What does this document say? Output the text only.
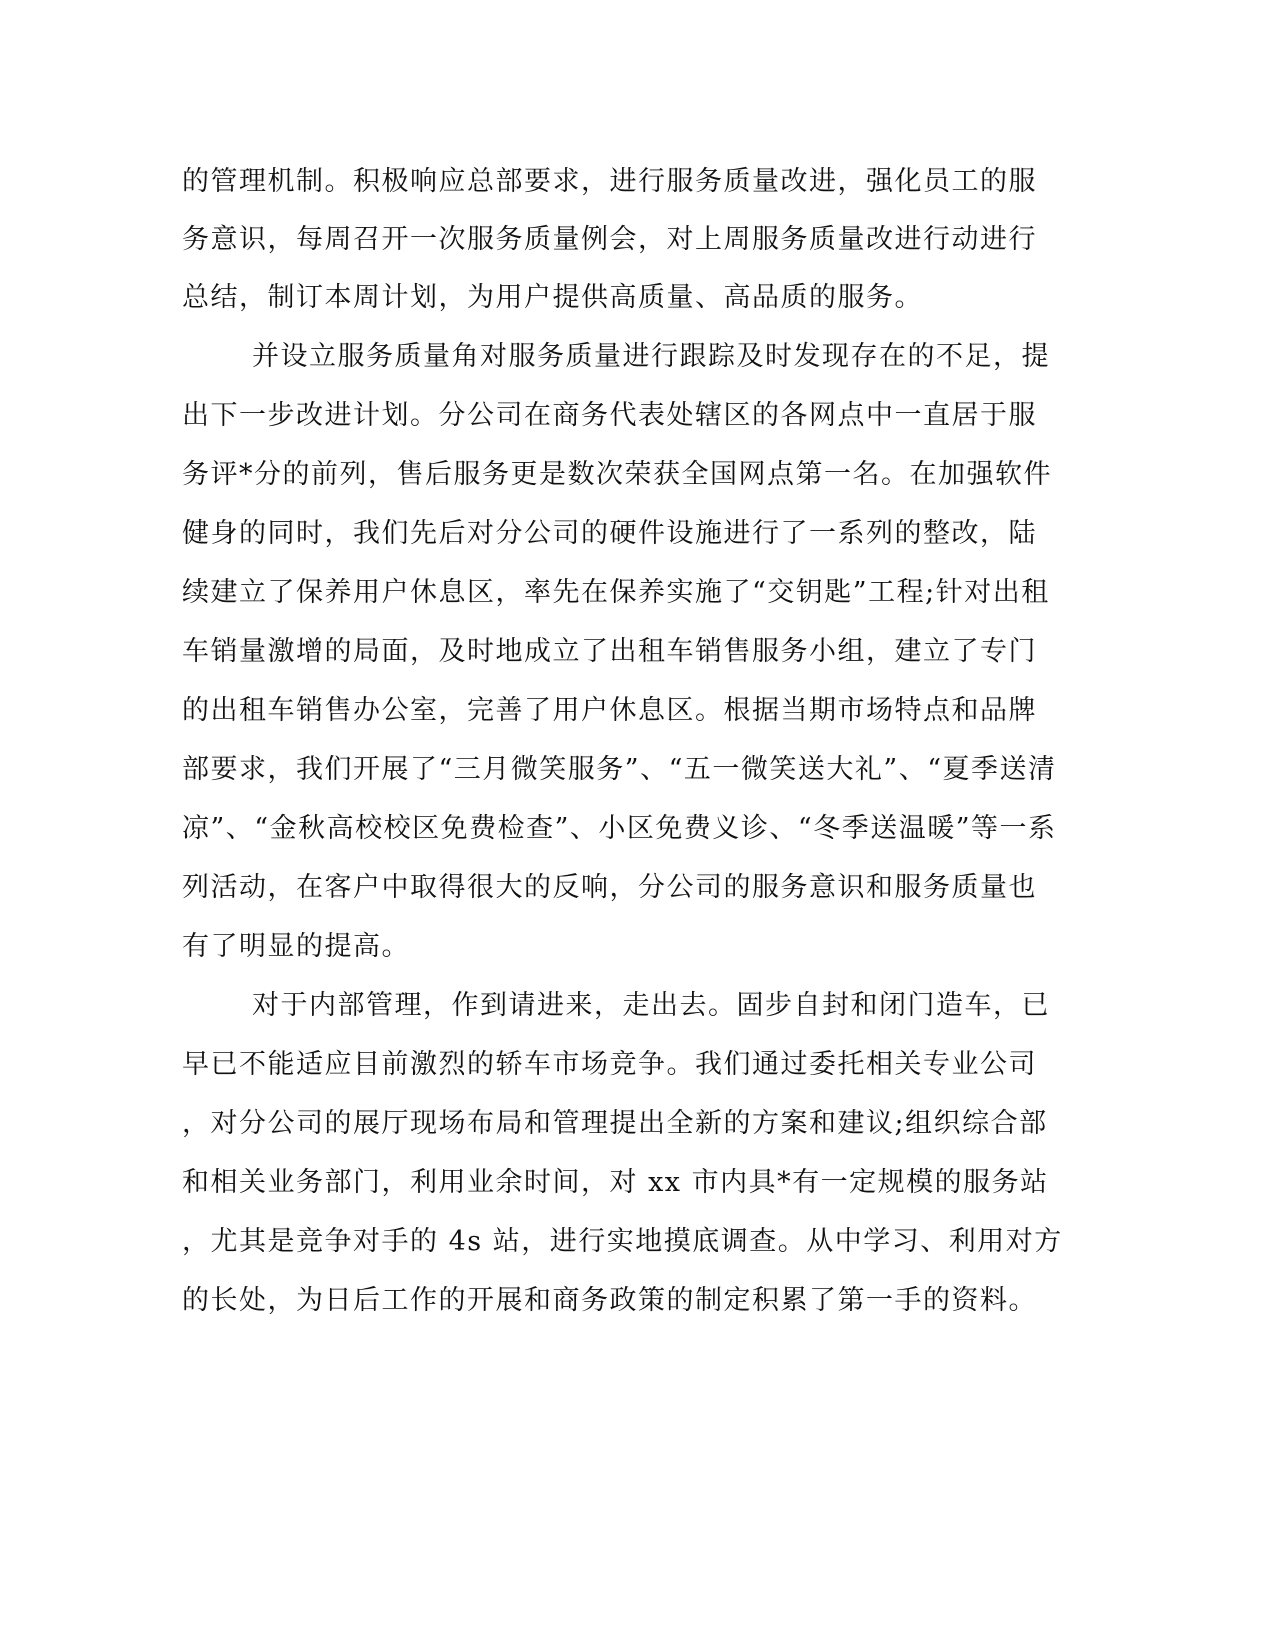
的管理机制。积极响应总部要求，进行服务质量改进，强化员工的服

务意识，每周召开一次服务质量例会，对上周服务质量改进行动进行

总结，制订本周计划，为用户提供高质量、高品质的服务。

并设立服务质量角对服务质量进行跟踪及时发现存在的不足，提

出下一步改进计划。分公司在商务代表处辖区的各网点中一直居于服

务评*分的前列，售后服务更是数次荣获全国网点第一名。在加强软件

健身的同时，我们先后对分公司的硬件设施进行了一系列的整改，陆

续建立了保养用户休息区，率先在保养实施了“交钥匙”工程;针对出租

车销量激增的局面，及时地成立了出租车销售服务小组，建立了专门

的出租车销售办公室，完善了用户休息区。根据当期市场特点和品牌

部要求，我们开展了“三月微笑服务”、“五一微笑送大礼”、“夏季送清

凉”、“金秋高校校区免费检查”、小区免费义诊、“冬季送温暖”等一系

列活动，在客户中取得很大的反响，分公司的服务意识和服务质量也

有了明显的提高。

对于内部管理，作到请进来，走出去。固步自封和闭门造车，已

早已不能适应目前激烈的轿车市场竞争。我们通过委托相关专业公司

，对分公司的展厅现场布局和管理提出全新的方案和建议;组织综合部

和相关业务部门，利用业余时间，对 xx 市内具*有一定规模的服务站

，尤其是竞争对手的 4s 站，进行实地摸底调查。从中学习、利用对方

的长处，为日后工作的开展和商务政策的制定积累了第一手的资料。
